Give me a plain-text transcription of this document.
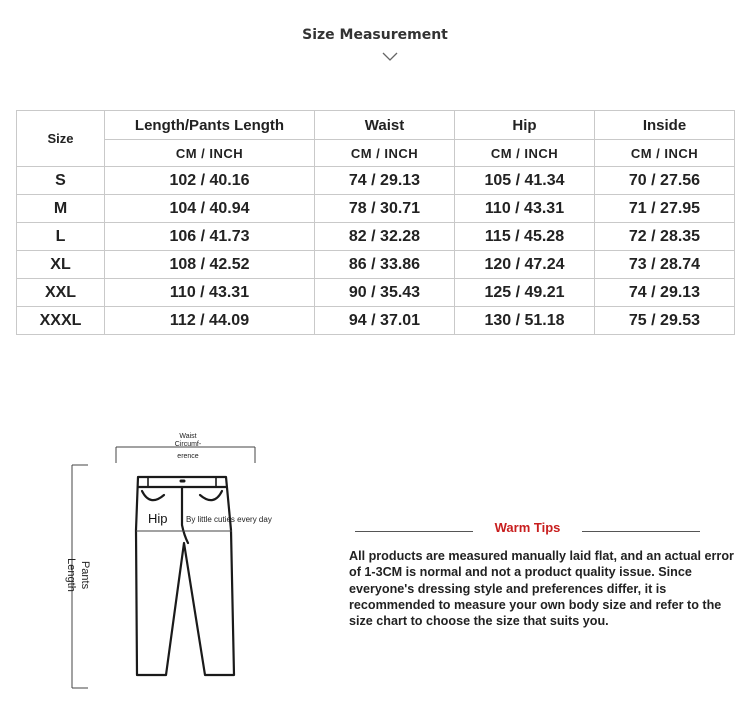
Size Measurement
Size	Length/Pants Length	Waist	Hip	Inside
	CM / INCH	CM / INCH	CM / INCH	CM / INCH
S	102 / 40.16	74 / 29.13	105 / 41.34	70 / 27.56
M	104 / 40.94	78 / 30.71	110 / 43.31	71 / 27.95
L	106 / 41.73	82 / 32.28	115 / 45.28	72 / 28.35
XL	108 / 42.52	86 / 33.86	120 / 47.24	73 / 28.74
XXL	110 / 43.31	90 / 35.43	125 / 49.21	74 / 29.13
XXXL	112 / 44.09	94 / 37.01	130 / 51.18	75 / 29.53
Waist
Circumf-
erence
Pants
Length
Hip By little cuties every day
Warm Tips
All products are measured manually laid flat, and an actual error of 1-3CM is normal and not a product quality issue. Since everyone's dressing style and preferences differ, it is recommended to measure your own body size and refer to the size chart to choose the size that suits you.
